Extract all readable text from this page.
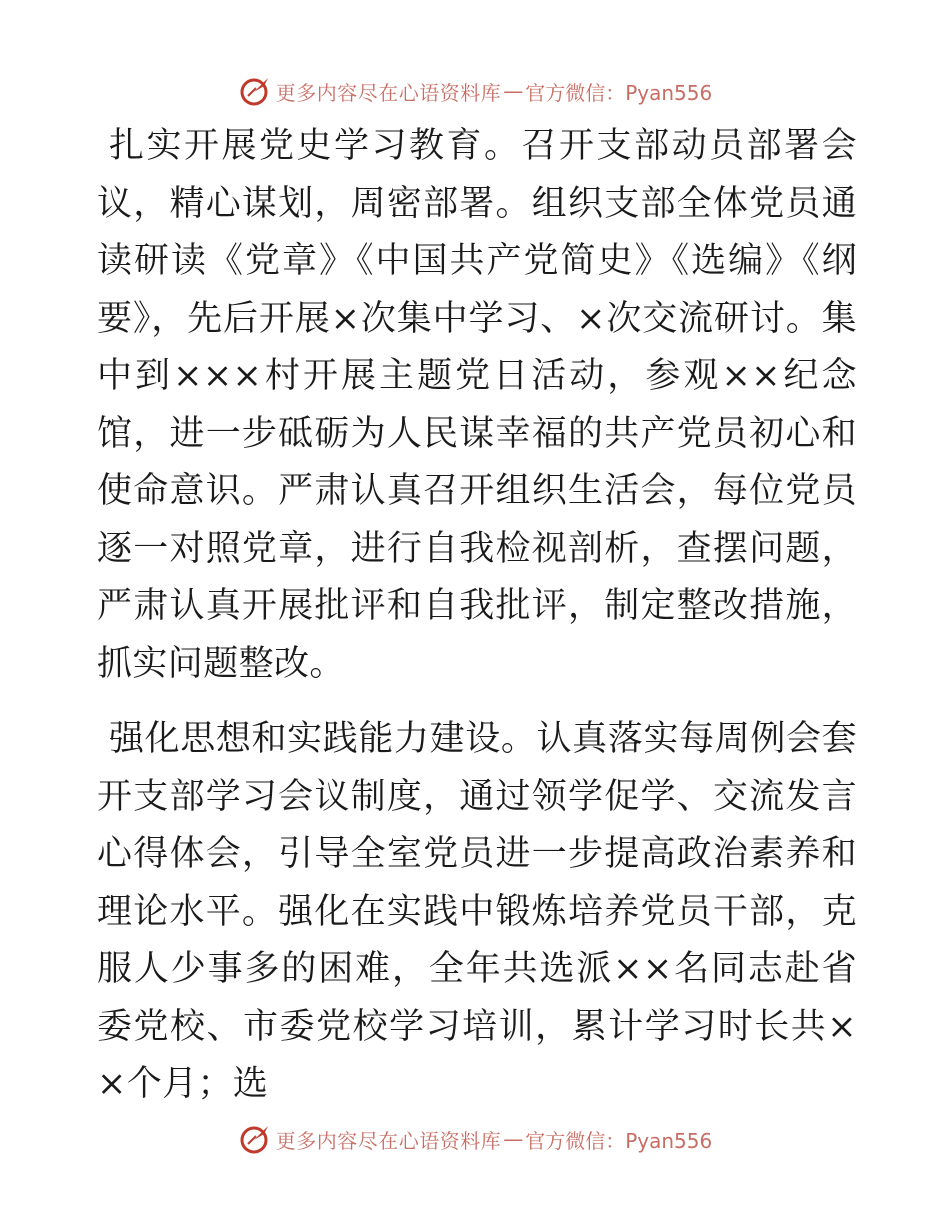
更多内容尽在心语资料库 — 官方微信：Pyan556

扎实开展党史学习教育。召开支部动员部署会议，精心谋划，周密部署。组织支部全体党员通读研读《党章》《中国共产党简史》《选编》《纲要》，先后开展×次集中学习、×次交流研讨。集中到×××村开展主题党日活动，参观××纪念馆，进一步砥砺为人民谋幸福的共产党员初心和使命意识。严肃认真召开组织生活会，每位党员逐一对照党章，进行自我检视剖析，查摆问题，严肃认真开展批评和自我批评，制定整改措施，抓实问题整改。

强化思想和实践能力建设。认真落实每周例会套开支部学习会议制度，通过领学促学、交流发言心得体会，引导全室党员进一步提高政治素养和理论水平。强化在实践中锻炼培养党员干部，克服人少事多的困难，全年共选派××名同志赴省委党校、市委党校学习培训，累计学习时长共××个月；选

更多内容尽在心语资料库 — 官方微信：Pyan556
